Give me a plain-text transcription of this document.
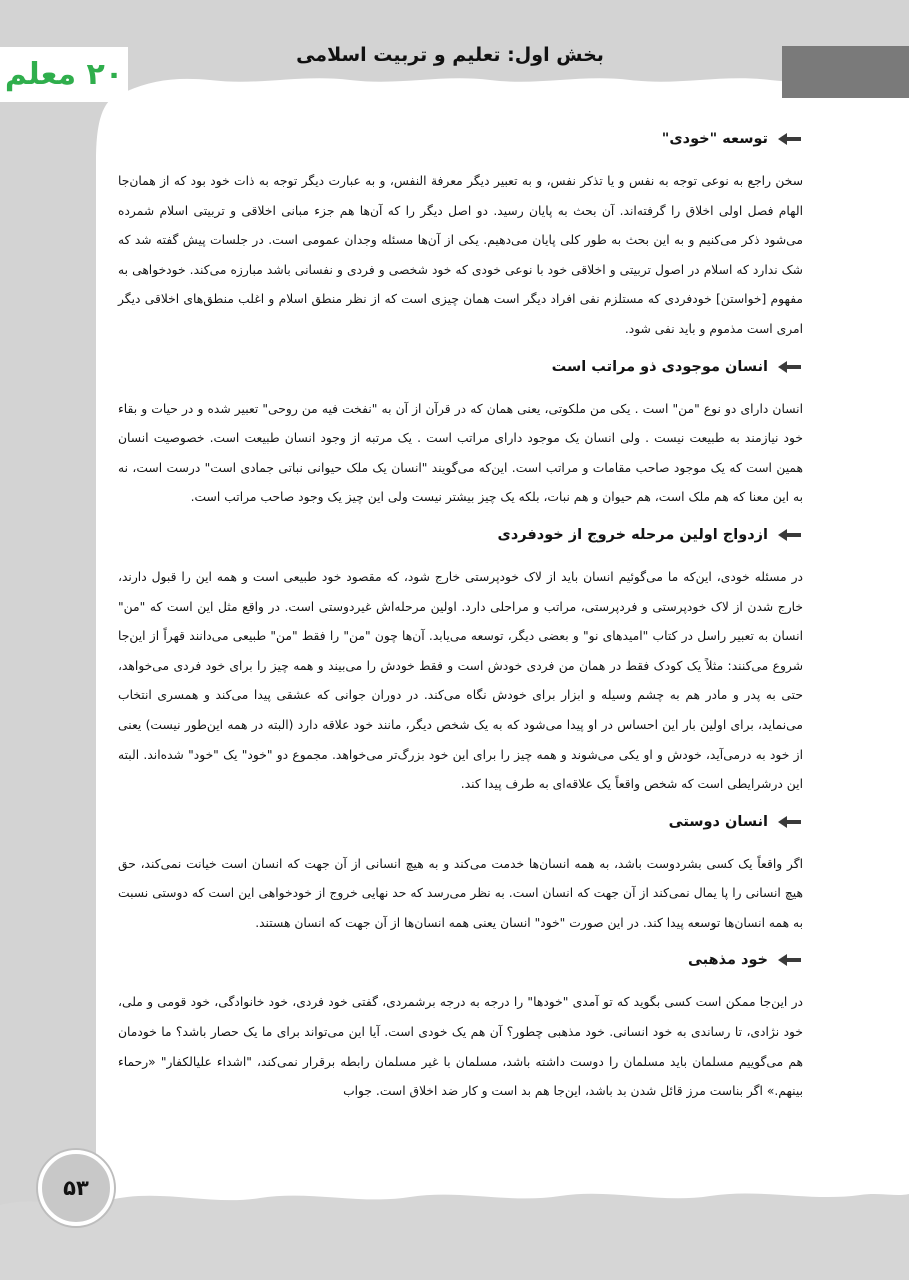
بخش اول: تعلیم و تربیت اسلامی
۲۰ معلم
توسعه "خودی"

سخن راجع به نوعی توجه به نفس و یا تذکر نفس، و به تعبیر دیگر معرفة النفس، و به عبارت دیگر توجه به ذات خود بود که از همان‌جا الهام فصل اولی اخلاق را گرفته‌اند. آن بحث به پایان رسید. دو اصل دیگر را که آن‌ها هم جزء مبانی اخلاقی و تربیتی اسلام شمرده می‌شود ذکر می‌کنیم و به این بحث به طور کلی پایان می‌دهیم. یکی از آن‌ها مسئله وجدان عمومی است. در جلسات پیش گفته شد که شک ندارد که اسلام در اصول تربیتی و اخلاقی خود با نوعی خودی که خود شخصی و فردی و نفسانی باشد مبارزه می‌کند. خودخواهی به مفهوم [خواستن] خودفردی که مستلزم نفی افراد دیگر است همان چیزی است که از نظر منطق اسلام و اغلب منطق‌های اخلاقی دیگر امری است مذموم و باید نفی شود.

انسان موجودی ذو مراتب است

انسان دارای دو نوع "من" است . یکی من ملکوتی، یعنی همان که در قرآن از آن به "نفخت فیه من روحی" تعبیر شده و در حیات و بقاء خود نیازمند به طبیعت نیست . ولی انسان یک موجود دارای مراتب است . یک مرتبه از وجود انسان طبیعت است. خصوصیت انسان همین است که یک موجود صاحب مقامات و مراتب است. این‌که می‌گویند "انسان یک ملک حیوانی نباتی جمادی است" درست است، نه به این معنا که هم ملک است، هم حیوان و هم نبات، بلکه یک چیز بیشتر نیست ولی این چیز یک وجود صاحب مراتب است.

ازدواج اولین مرحله خروج از خودفردی

در مسئله خودی، این‌که ما می‌گوئیم انسان باید از لاک خودپرستی خارج شود، که مقصود خود طبیعی است و همه این را قبول دارند، خارج شدن از لاک خودپرستی و فردپرستی، مراتب و مراحلی دارد. اولین مرحله‌اش غیردوستی است. در واقع مثل این است که "من" انسان به تعبیر راسل در کتاب "امیدهای نو" و بعضی دیگر، توسعه می‌یابد. آن‌ها چون "من" را فقط "من" طبیعی می‌دانند قهراً از این‌جا شروع می‌کنند: مثلاً یک کودک فقط در همان من فردی خودش است و فقط خودش را می‌بیند و همه چیز را برای خود فردی می‌خواهد، حتی به پدر و مادر هم به چشم وسیله و ابزار برای خودش نگاه می‌کند. در دوران جوانی که عشقی پیدا می‌کند و همسری انتخاب می‌نماید، برای اولین بار این احساس در او پیدا می‌شود که به یک شخص دیگر، مانند خود علاقه دارد (البته در همه این‌طور نیست) یعنی از خود به درمی‌آید، خودش و او یکی می‌شوند و همه چیز را برای این خود بزرگ‌تر می‌خواهد. مجموع دو "خود" یک "خود" شده‌اند. البته این درشرایطی است که شخص واقعاً یک علاقه‌ای به طرف پیدا کند.

انسان دوستی

اگر واقعاً یک کسی بشردوست باشد، به همه انسان‌ها خدمت می‌کند و به هیچ انسانی از آن جهت که انسان است خیانت نمی‌کند، حق هیچ انسانی را پا یمال نمی‌کند از آن جهت که انسان است. به نظر می‌رسد که حد نهایی خروج از خودخواهی این است که دوستی نسبت به همه انسان‌ها توسعه پیدا کند. در این صورت "خود" انسان یعنی همه انسان‌ها از آن جهت که انسان هستند.

خود مذهبی

در این‌جا ممکن است کسی بگوید که تو آمدی "خودها" را درجه به درجه برشمردی، گفتی خود فردی، خود خانوادگی، خود قومی و ملی، خود نژادی، تا رساندی به خود انسانی. خود مذهبی چطور؟ آن هم یک خودی است. آیا این می‌تواند برای ما یک حصار باشد؟ ما خودمان هم می‌گوییم مسلمان باید مسلمان را دوست داشته باشد، مسلمان با غیر مسلمان رابطه برقرار نمی‌کند، "اشداء علیالکفار" «رحماء بینهم.» اگر بناست مرز قائل شدن بد باشد، این‌جا هم بد است و کار ضد اخلاق است. جواب

۵۳
